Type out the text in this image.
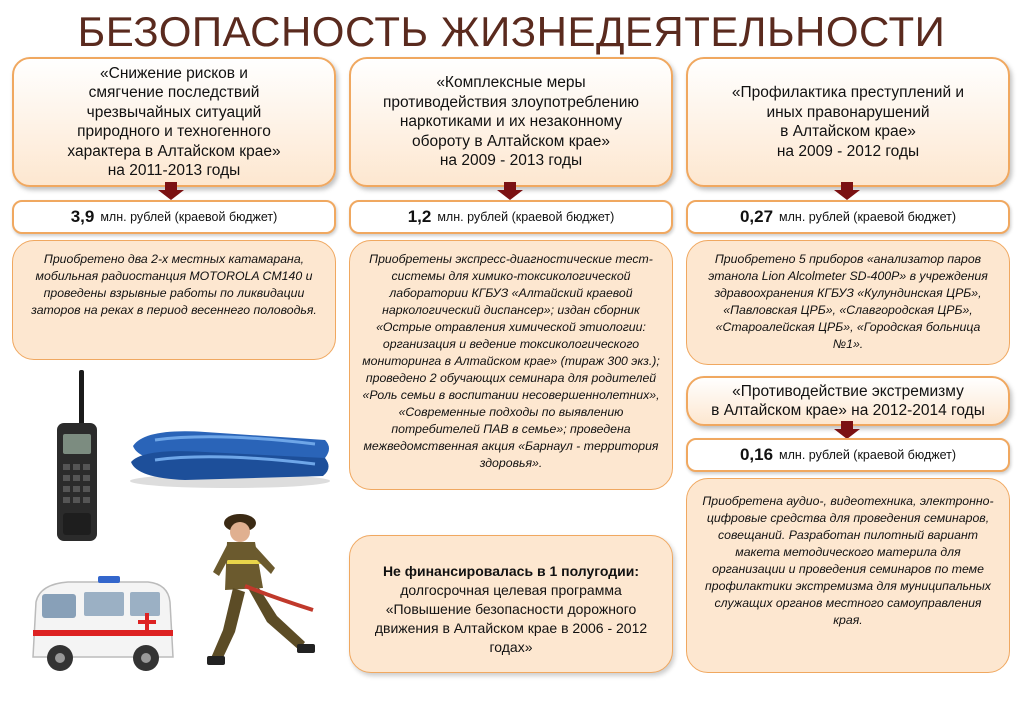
БЕЗОПАСНОСТЬ ЖИЗНЕДЕЯТЕЛЬНОСТИ
«Снижение рисков и
смягчение последствий
чрезвычайных ситуаций
природного и техногенного
характера в Алтайском крае»
на 2011-2013 годы
3,9 млн. рублей (краевой бюджет)
Приобретено два 2-х местных катамарана, мобильная радиостанция MOTOROLA CM140 и проведены взрывные работы по ликвидации заторов на реках в период весеннего половодья.
«Комплексные меры
противодействия злоупотреблению
наркотиками и их незаконному
обороту в Алтайском крае»
на 2009 - 2013 годы
1,2 млн. рублей (краевой бюджет)
Приобретены экспресс-диагностические тест-системы для химико-токсикологической лаборатории КГБУЗ «Алтайский краевой наркологический диспансер»; издан сборник «Острые отравления химической этиологии: организация и ведение токсикологического мониторинга в Алтайском крае» (тираж 300 экз.); проведено 2 обучающих семинара для родителей «Роль семьи в воспитании несовершеннолетних», «Современные подходы по выявлению потребителей ПАВ в семье»; проведена межведомственная акция «Барнаул - территория здоровья».
«Профилактика преступлений и
иных правонарушений
в Алтайском крае»
на 2009 - 2012 годы
0,27 млн. рублей (краевой бюджет)
Приобретено 5 приборов «анализатор паров этанола Lion Alcolmeter SD-400P» в учреждения здравоохранения КГБУЗ «Кулундинская ЦРБ», «Павловская ЦРБ», «Славгородская ЦРБ», «Староалейская ЦРБ», «Городская больница №1».
«Противодействие экстремизму
в Алтайском крае» на 2012-2014 годы
0,16 млн. рублей (краевой бюджет)
Приобретена аудио-, видеотехника, электронно-цифровые средства для проведения семинаров, совещаний. Разработан пилотный вариант макета методического материла для организации и проведения семинаров по теме профилактики экстремизма для муниципальных служащих органов местного самоуправления края.
Не финансировалась в 1 полугодии: долгосрочная целевая программа «Повышение безопасности дорожного движения в Алтайском крае в 2006 - 2012 годах»
